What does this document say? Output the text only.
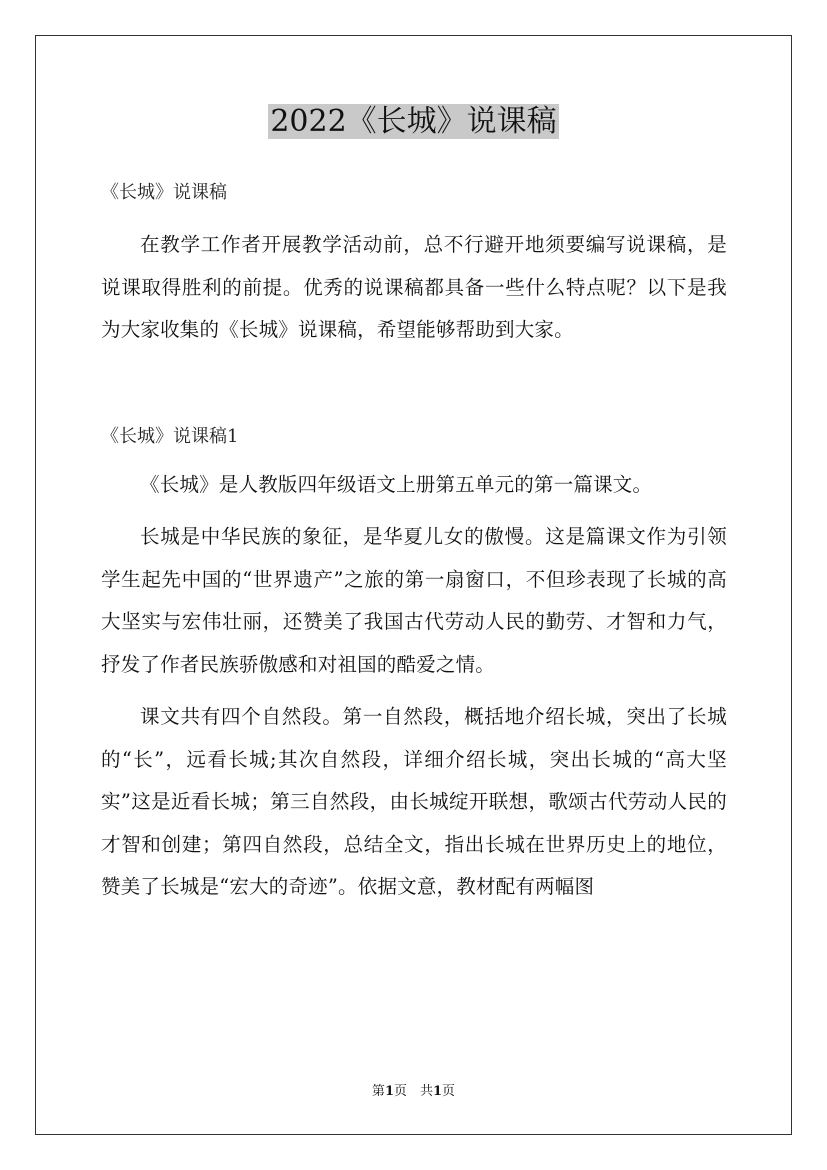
2022《长城》说课稿

《长城》说课稿

在教学工作者开展教学活动前，总不行避开地须要编写说课稿，是说课取得胜利的前提。优秀的说课稿都具备一些什么特点呢？以下是我为大家收集的《长城》说课稿，希望能够帮助到大家。

《长城》说课稿1

《长城》是人教版四年级语文上册第五单元的第一篇课文。

长城是中华民族的象征，是华夏儿女的傲慢。这是篇课文作为引领学生起先中国的“世界遗产”之旅的第一扇窗口，不但珍表现了长城的高大坚实与宏伟壮丽，还赞美了我国古代劳动人民的勤劳、才智和力气，抒发了作者民族骄傲感和对祖国的酷爱之情。

课文共有四个自然段。第一自然段，概括地介绍长城，突出了长城的“长”，远看长城;其次自然段，详细介绍长城，突出长城的“高大坚实”这是近看长城；第三自然段，由长城绽开联想，歌颂古代劳动人民的才智和创建；第四自然段，总结全文，指出长城在世界历史上的地位，赞美了长城是“宏大的奇迹”。依据文意，教材配有两幅图

第1页　共1页
